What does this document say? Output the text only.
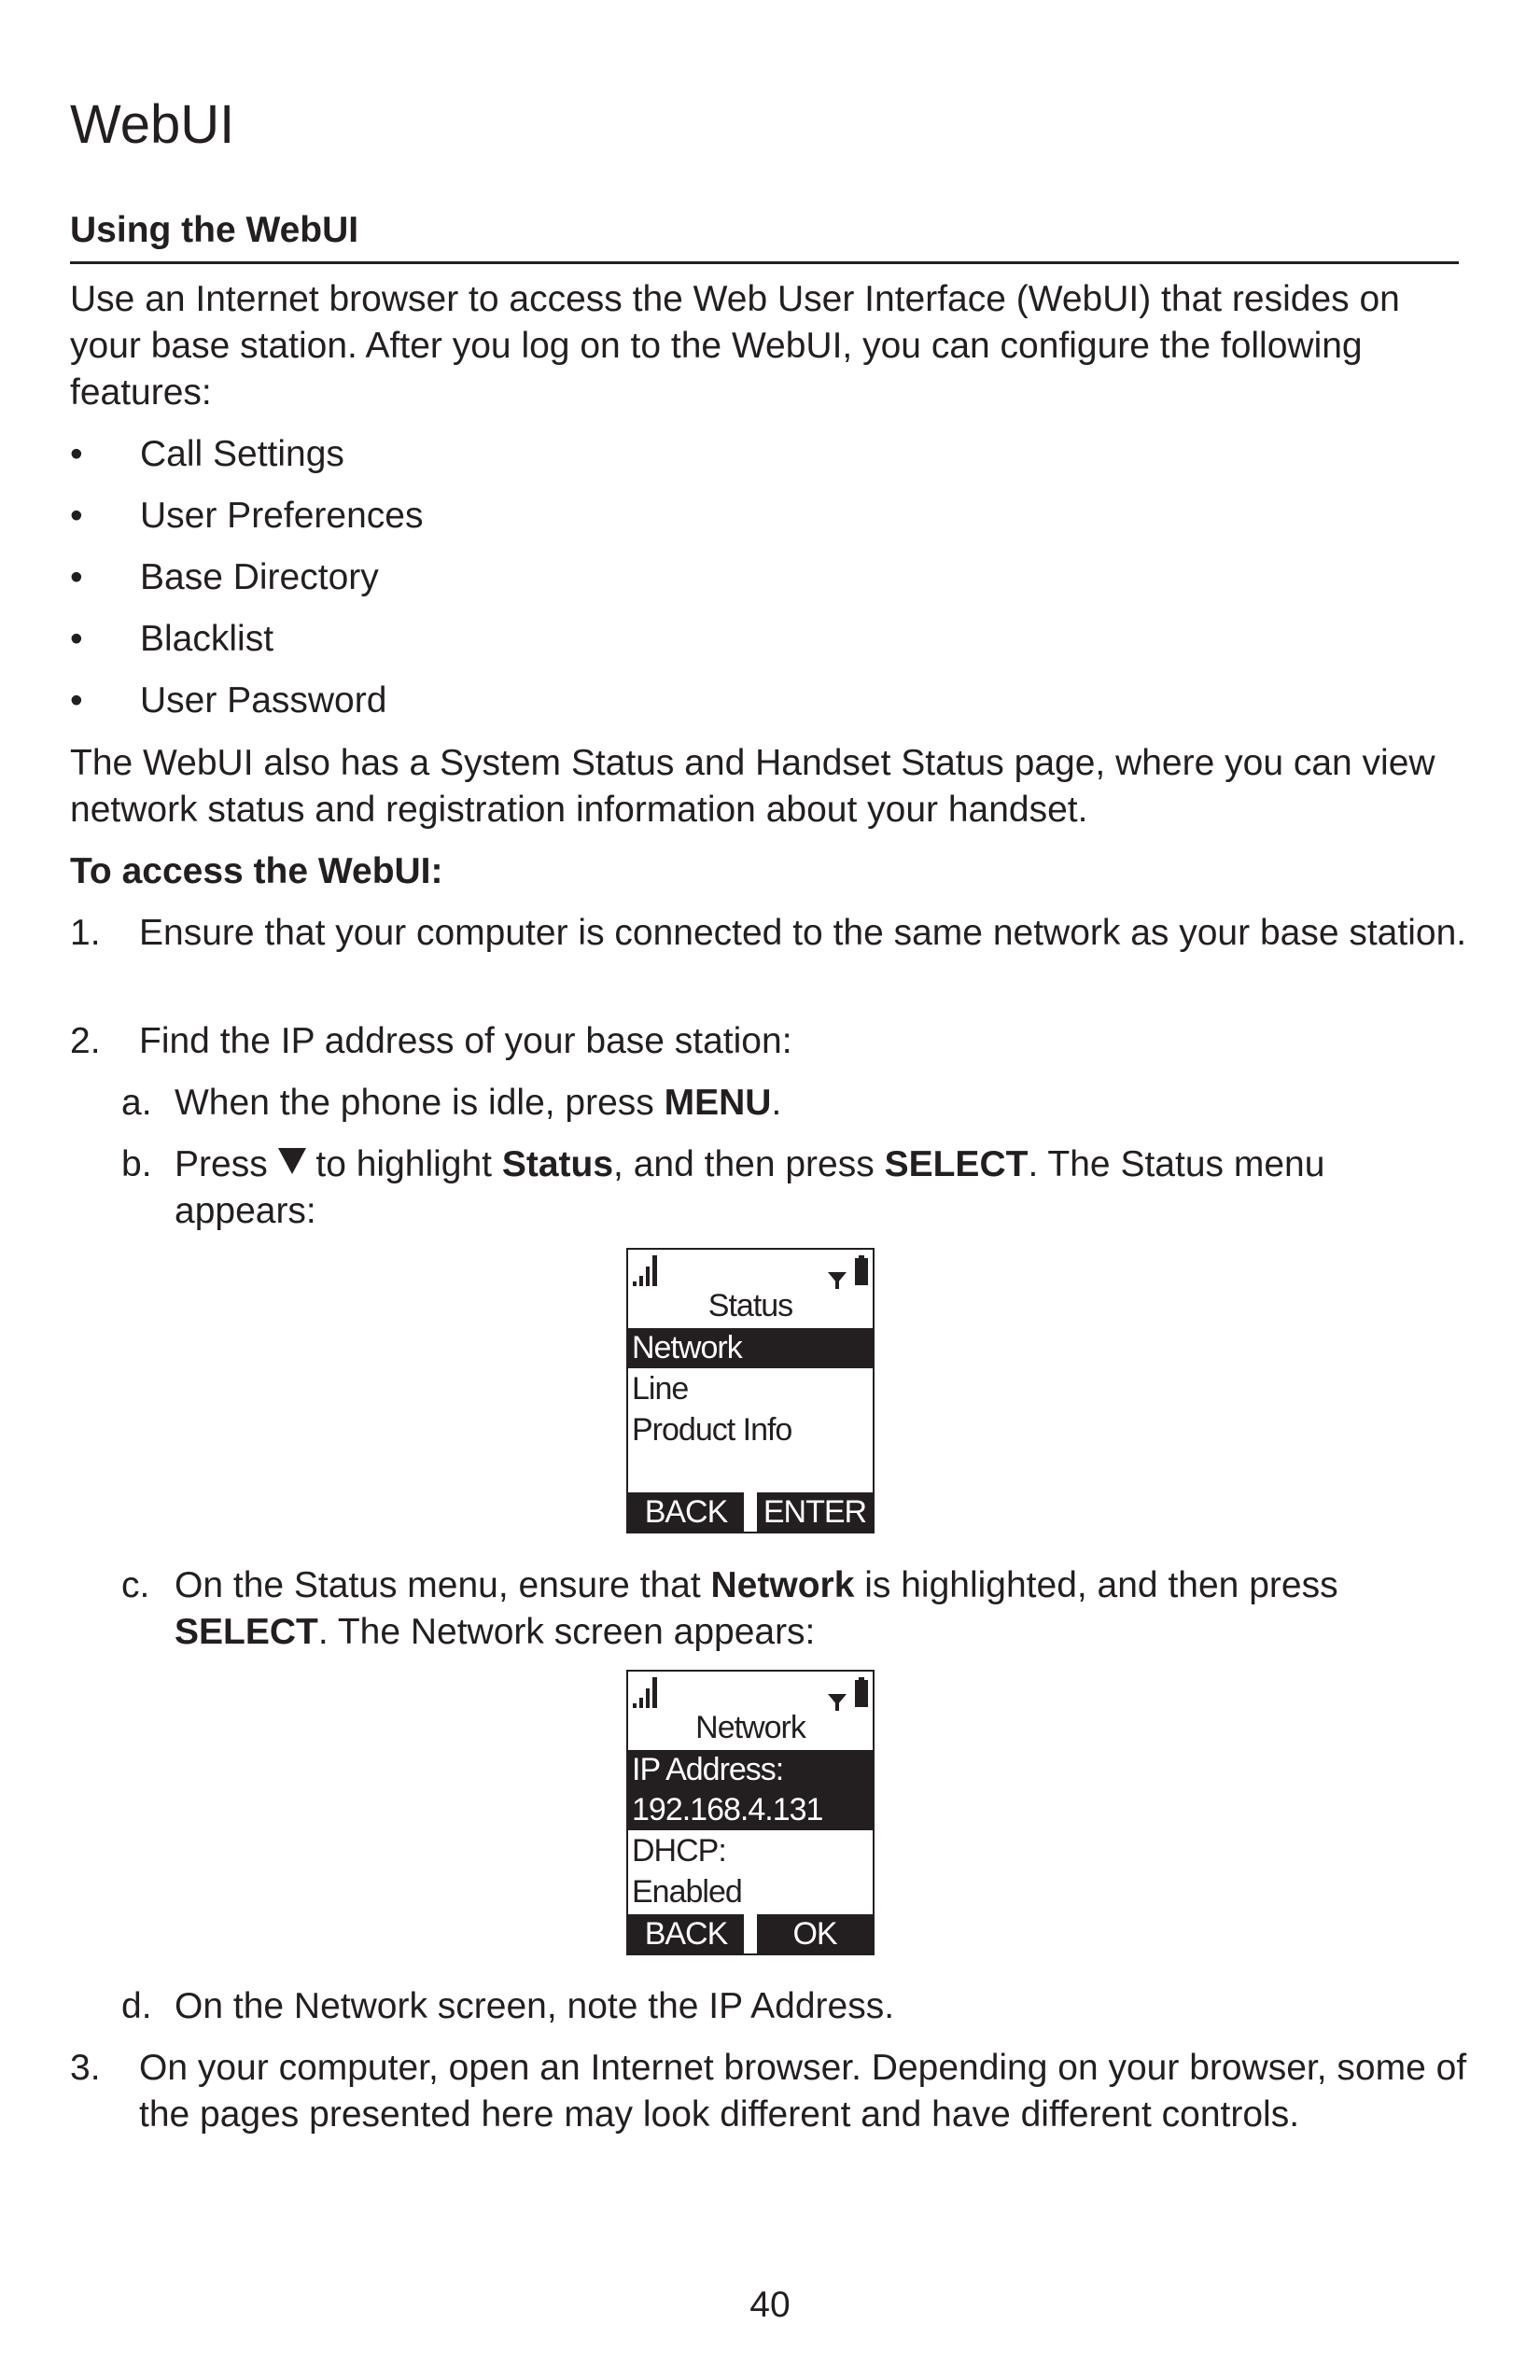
WebUI
Using the WebUI

Use an Internet browser to access the Web User Interface (WebUI) that resides on your base station. After you log on to the WebUI, you can configure the following features:

• Call Settings
• User Preferences
• Base Directory
• Blacklist
• User Password

The WebUI also has a System Status and Handset Status page, where you can view network status and registration information about your handset.

To access the WebUI:

1. Ensure that your computer is connected to the same network as your base station.
2. Find the IP address of your base station:
a. When the phone is idle, press MENU.
b. Press  to highlight Status, and then press SELECT. The Status menu appears:
Status
Network
Line
Product Info
BACK	ENTER
c. On the Status menu, ensure that Network is highlighted, and then press SELECT. The Network screen appears:
Network
IP Address:
192.168.4.131
DHCP:
Enabled
BACK	OK
d. On the Network screen, note the IP Address.
3. On your computer, open an Internet browser. Depending on your browser, some of the pages presented here may look different and have different controls.
40
